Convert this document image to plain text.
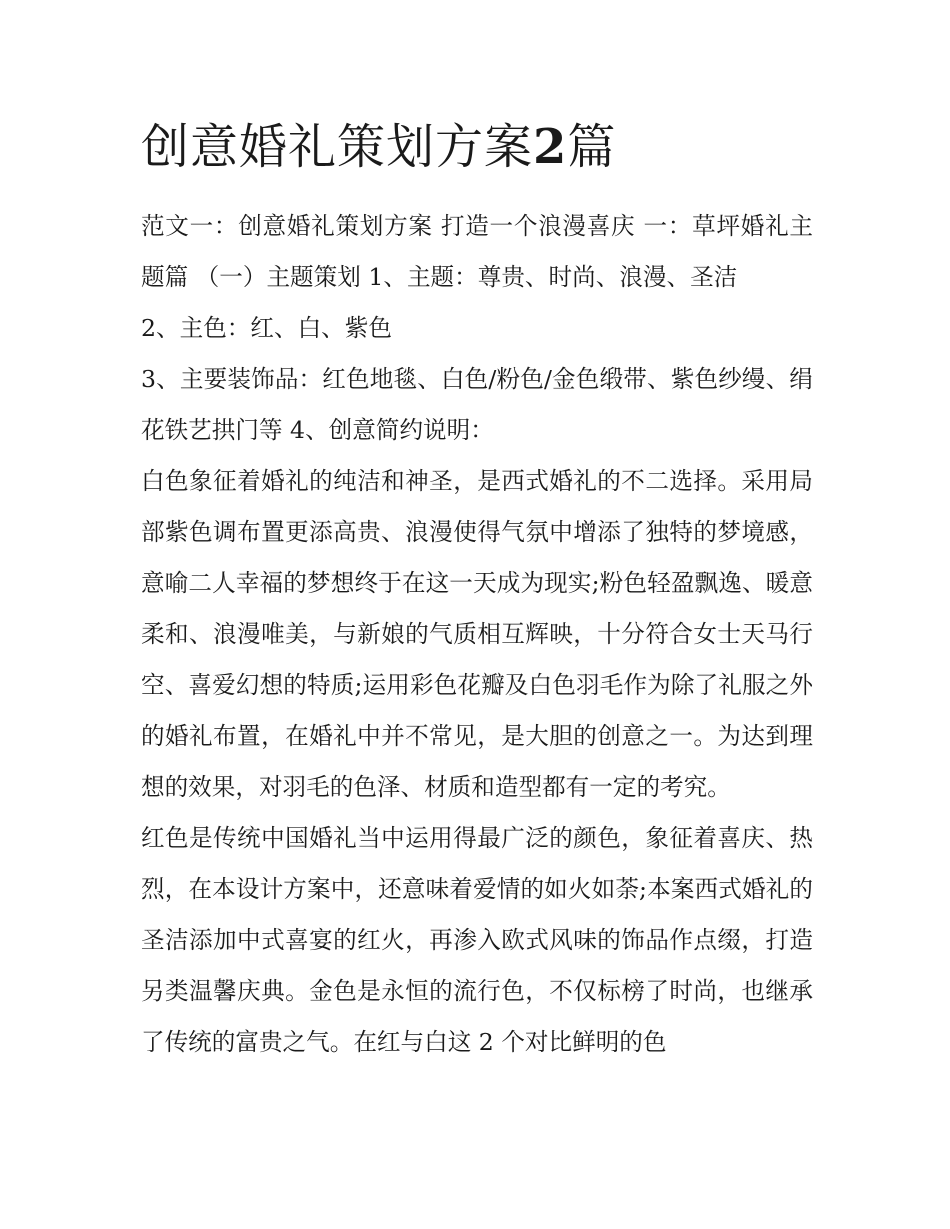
创意婚礼策划方案2篇

范文一：创意婚礼策划方案 打造一个浪漫喜庆 一：草坪婚礼主题篇 （一）主题策划 1、主题：尊贵、时尚、浪漫、圣洁

2、主色：红、白、紫色

3、主要装饰品：红色地毯、白色/粉色/金色缎带、紫色纱缦、绢花铁艺拱门等 4、创意简约说明：

白色象征着婚礼的纯洁和神圣，是西式婚礼的不二选择。采用局部紫色调布置更添高贵、浪漫使得气氛中增添了独特的梦境感，意喻二人幸福的梦想终于在这一天成为现实;粉色轻盈飘逸、暖意柔和、浪漫唯美，与新娘的气质相互辉映，十分符合女士天马行空、喜爱幻想的特质;运用彩色花瓣及白色羽毛作为除了礼服之外的婚礼布置，在婚礼中并不常见，是大胆的创意之一。为达到理想的效果，对羽毛的色泽、材质和造型都有一定的考究。

红色是传统中国婚礼当中运用得最广泛的颜色，象征着喜庆、热烈，在本设计方案中，还意味着爱情的如火如荼;本案西式婚礼的圣洁添加中式喜宴的红火，再渗入欧式风味的饰品作点缀，打造另类温馨庆典。金色是永恒的流行色，不仅标榜了时尚，也继承了传统的富贵之气。在红与白这 2 个对比鲜明的色
